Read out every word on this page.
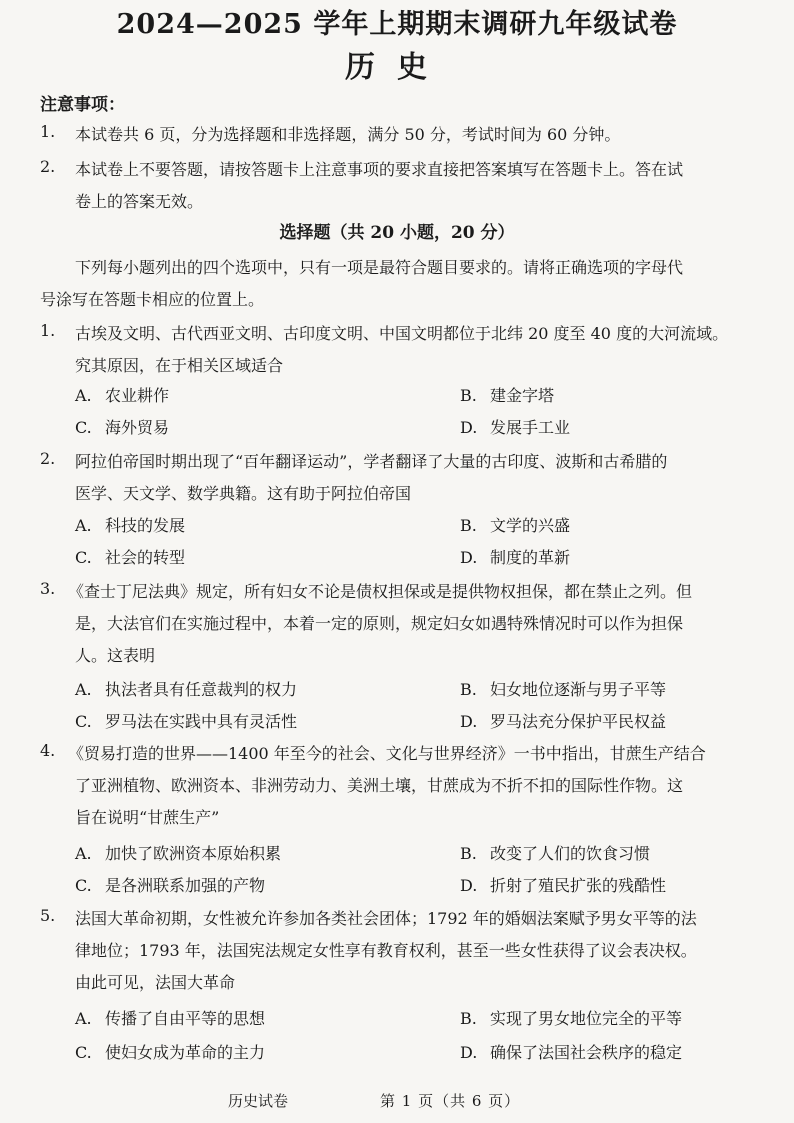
2024—2025 学年上期期末调研九年级试卷
历史
注意事项：
1. 本试卷共 6 页，分为选择题和非选择题，满分 50 分，考试时间为 60 分钟。
2. 本试卷上不要答题，请按答题卡上注意事项的要求直接把答案填写在答题卡上。答在试
卷上的答案无效。
选择题（共 20 小题，20 分）
下列每小题列出的四个选项中，只有一项是最符合题目要求的。请将正确选项的字母代
号涂写在答题卡相应的位置上。
1. 古埃及文明、古代西亚文明、古印度文明、中国文明都位于北纬 20 度至 40 度的大河流域。
究其原因，在于相关区域适合
A. 农业耕作	B. 建金字塔
C. 海外贸易	D. 发展手工业
2. 阿拉伯帝国时期出现了“百年翻译运动”，学者翻译了大量的古印度、波斯和古希腊的
医学、天文学、数学典籍。这有助于阿拉伯帝国
A. 科技的发展	B. 文学的兴盛
C. 社会的转型	D. 制度的革新
3. 《查士丁尼法典》规定，所有妇女不论是债权担保或是提供物权担保，都在禁止之列。但
是，大法官们在实施过程中，本着一定的原则，规定妇女如遇特殊情况时可以作为担保
人。这表明
A. 执法者具有任意裁判的权力	B. 妇女地位逐渐与男子平等
C. 罗马法在实践中具有灵活性	D. 罗马法充分保护平民权益
4. 《贸易打造的世界——1400 年至今的社会、文化与世界经济》一书中指出，甘蔗生产结合
了亚洲植物、欧洲资本、非洲劳动力、美洲土壤，甘蔗成为不折不扣的国际性作物。这
旨在说明“甘蔗生产”
A. 加快了欧洲资本原始积累	B. 改变了人们的饮食习惯
C. 是各洲联系加强的产物	D. 折射了殖民扩张的残酷性
5. 法国大革命初期，女性被允许参加各类社会团体；1792 年的婚姻法案赋予男女平等的法
律地位；1793 年，法国宪法规定女性享有教育权利，甚至一些女性获得了议会表决权。
由此可见，法国大革命
A. 传播了自由平等的思想	B. 实现了男女地位完全的平等
C. 使妇女成为革命的主力	D. 确保了法国社会秩序的稳定
历史试卷	第 1 页（共 6 页）
